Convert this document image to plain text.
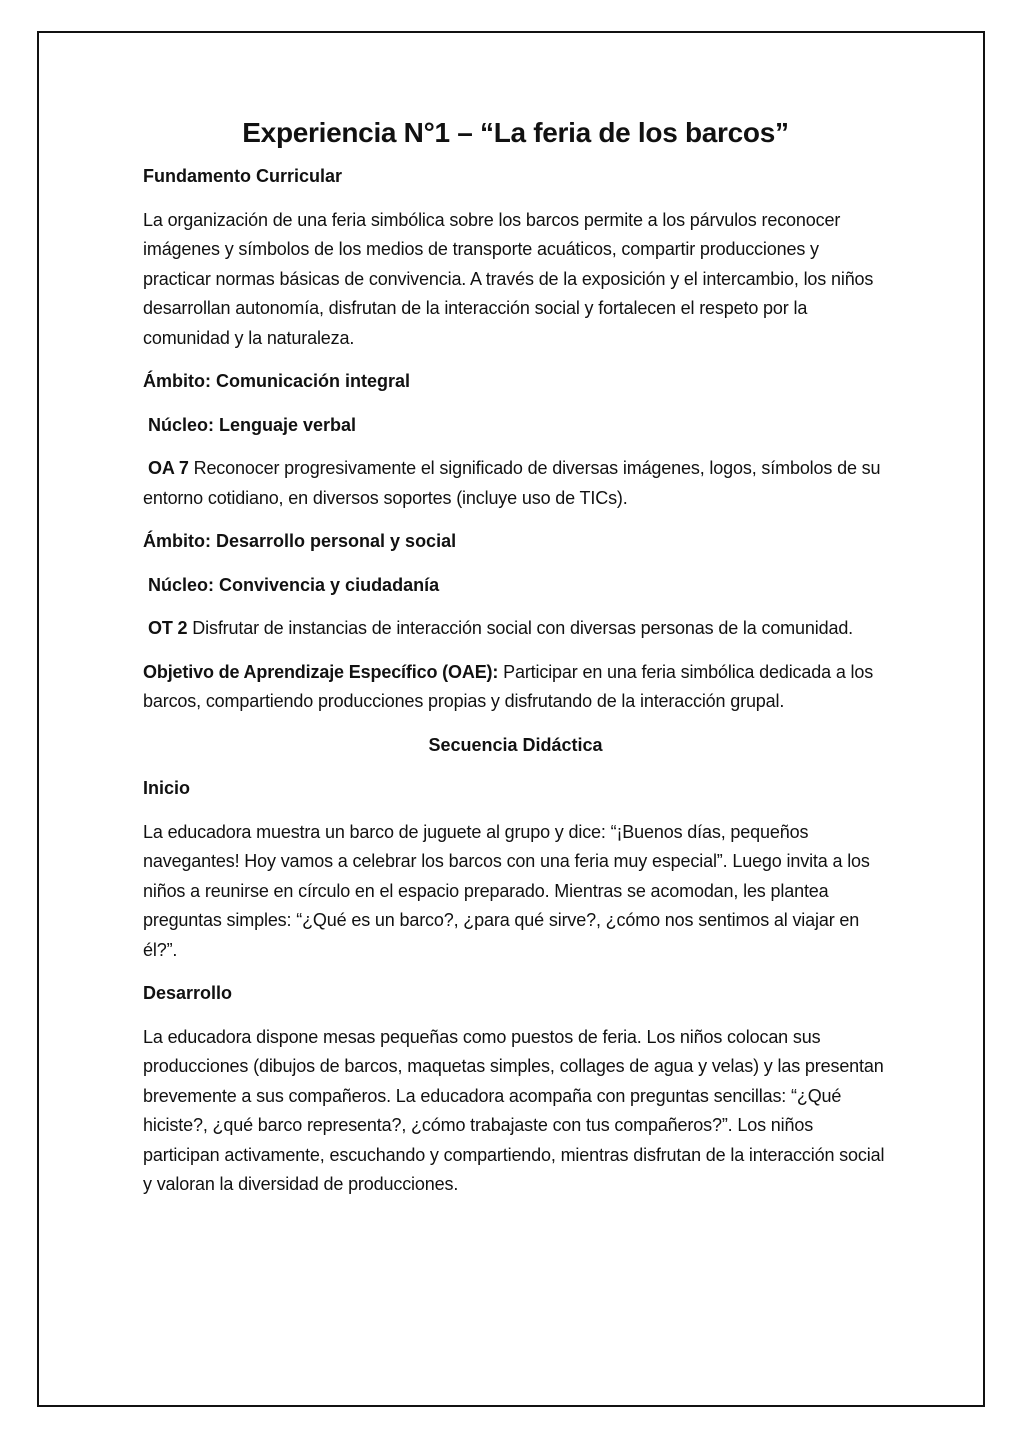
Experiencia N°1 – “La feria de los barcos”
Fundamento Curricular

La organización de una feria simbólica sobre los barcos permite a los párvulos reconocer imágenes y símbolos de los medios de transporte acuáticos, compartir producciones y practicar normas básicas de convivencia. A través de la exposición y el intercambio, los niños desarrollan autonomía, disfrutan de la interacción social y fortalecen el respeto por la comunidad y la naturaleza.

Ámbito: Comunicación integral
Núcleo: Lenguaje verbal

OA 7 Reconocer progresivamente el significado de diversas imágenes, logos, símbolos de su entorno cotidiano, en diversos soportes (incluye uso de TICs).

Ámbito: Desarrollo personal y social
Núcleo: Convivencia y ciudadanía

OT 2 Disfrutar de instancias de interacción social con diversas personas de la comunidad.

Objetivo de Aprendizaje Específico (OAE): Participar en una feria simbólica dedicada a los barcos, compartiendo producciones propias y disfrutando de la interacción grupal.

Secuencia Didáctica
Inicio

La educadora muestra un barco de juguete al grupo y dice: “¡Buenos días, pequeños navegantes! Hoy vamos a celebrar los barcos con una feria muy especial”. Luego invita a los niños a reunirse en círculo en el espacio preparado. Mientras se acomodan, les plantea preguntas simples: “¿Qué es un barco?, ¿para qué sirve?, ¿cómo nos sentimos al viajar en él?”.

Desarrollo

La educadora dispone mesas pequeñas como puestos de feria. Los niños colocan sus producciones (dibujos de barcos, maquetas simples, collages de agua y velas) y las presentan brevemente a sus compañeros. La educadora acompaña con preguntas sencillas: “¿Qué hiciste?, ¿qué barco representa?, ¿cómo trabajaste con tus compañeros?”. Los niños participan activamente, escuchando y compartiendo, mientras disfrutan de la interacción social y valoran la diversidad de producciones.
